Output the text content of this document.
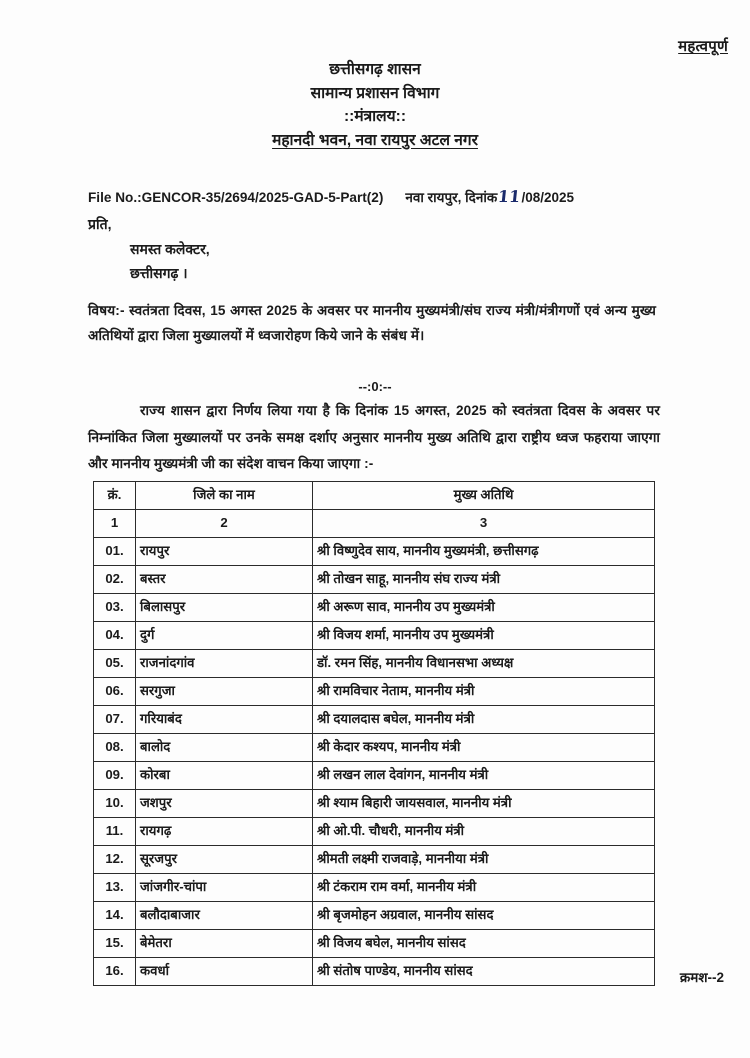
महत्वपूर्ण
छत्तीसगढ़ शासन
सामान्य प्रशासन विभाग
::मंत्रालय::
महानदी भवन, नवा रायपुर अटल नगर
File No.:GENCOR-35/2694/2025-GAD-5-Part(2) नवा रायपुर, दिनांक11/08/2025
प्रति,
समस्त कलेक्टर,
छत्तीसगढ़ ।
विषय:- स्वतंत्रता दिवस, 15 अगस्त 2025 के अवसर पर माननीय मुख्यमंत्री/संघ राज्य मंत्री/मंत्रीगणों एवं अन्य मुख्य अतिथियों द्वारा जिला मुख्यालयों में ध्वजारोहण किये जाने के संबंध में।
--:0:--
राज्य शासन द्वारा निर्णय लिया गया है कि दिनांक 15 अगस्त, 2025 को स्वतंत्रता दिवस के अवसर पर निम्नांकित जिला मुख्यालयों पर उनके समक्ष दर्शाए अनुसार माननीय मुख्य अतिथि द्वारा राष्ट्रीय ध्वज फहराया जाएगा और माननीय मुख्यमंत्री जी का संदेश वाचन किया जाएगा :-
क्रं.	जिले का नाम	मुख्य अतिथि
1	2	3
01.	रायपुर	श्री विष्णुदेव साय, माननीय मुख्यमंत्री, छत्तीसगढ़
02.	बस्तर	श्री तोखन साहू, माननीय संघ राज्य मंत्री
03.	बिलासपुर	श्री अरूण साव, माननीय उप मुख्यमंत्री
04.	दुर्ग	श्री विजय शर्मा, माननीय उप मुख्यमंत्री
05.	राजनांदगांव	डॉ. रमन सिंह, माननीय विधानसभा अध्यक्ष
06.	सरगुजा	श्री रामविचार नेताम, माननीय मंत्री
07.	गरियाबंद	श्री दयालदास बघेल, माननीय मंत्री
08.	बालोद	श्री केदार कश्यप, माननीय मंत्री
09.	कोरबा	श्री लखन लाल देवांगन, माननीय मंत्री
10.	जशपुर	श्री श्याम बिहारी जायसवाल, माननीय मंत्री
11.	रायगढ़	श्री ओ.पी. चौधरी, माननीय मंत्री
12.	सूरजपुर	श्रीमती लक्ष्मी राजवाड़े, माननीया मंत्री
13.	जांजगीर-चांपा	श्री टंकराम राम वर्मा, माननीय मंत्री
14.	बलौदाबाजार	श्री बृजमोहन अग्रवाल, माननीय सांसद
15.	बेमेतरा	श्री विजय बघेल, माननीय सांसद
16.	कवर्धा	श्री संतोष पाण्डेय, माननीय सांसद	क्रमश--2
